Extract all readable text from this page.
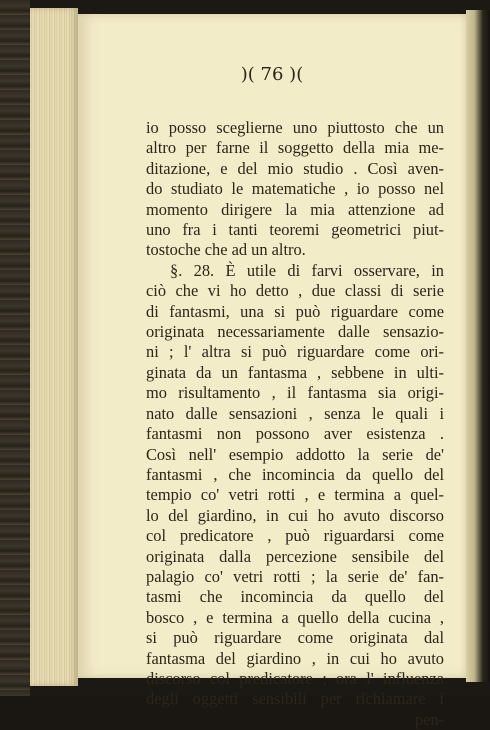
)( 76 )(
io posso sceglierne uno piuttosto che un
altro per farne il soggetto della mia me-
ditazione, e del mio studio . Così aven-
do studiato le matematiche , io posso nel
momento dirigere la mia attenzione ad
uno fra i tanti teoremi geometrici piut-
tostoche che ad un altro.
§. 28. È utile di farvi osservare, in
ciò che vi ho detto , due classi di serie
di fantasmi, una si può riguardare come
originata necessariamente dalle sensazio-
ni ; l' altra si può riguardare come ori-
ginata da un fantasma , sebbene in ulti-
mo risultamento , il fantasma sia origi-
nato dalle sensazioni , senza le quali i
fantasmi non possono aver esistenza .
Così nell' esempio addotto la serie de'
fantasmi , che incomincia da quello del
tempio co' vetri rotti , e termina a quel-
lo del giardino, in cui ho avuto discorso
col predicatore , può riguardarsi come
originata dalla percezione sensibile del
palagio co' vetri rotti ; la serie de' fan-
tasmi che incomincia da quello del
bosco , e termina a quello della cucina ,
si può riguardare come originata dal
fantasma del giardino , in cui ho avuto
discorso col predicatore ; ora l' influenza
degli oggetti sensibili per richiamare i
pen-
